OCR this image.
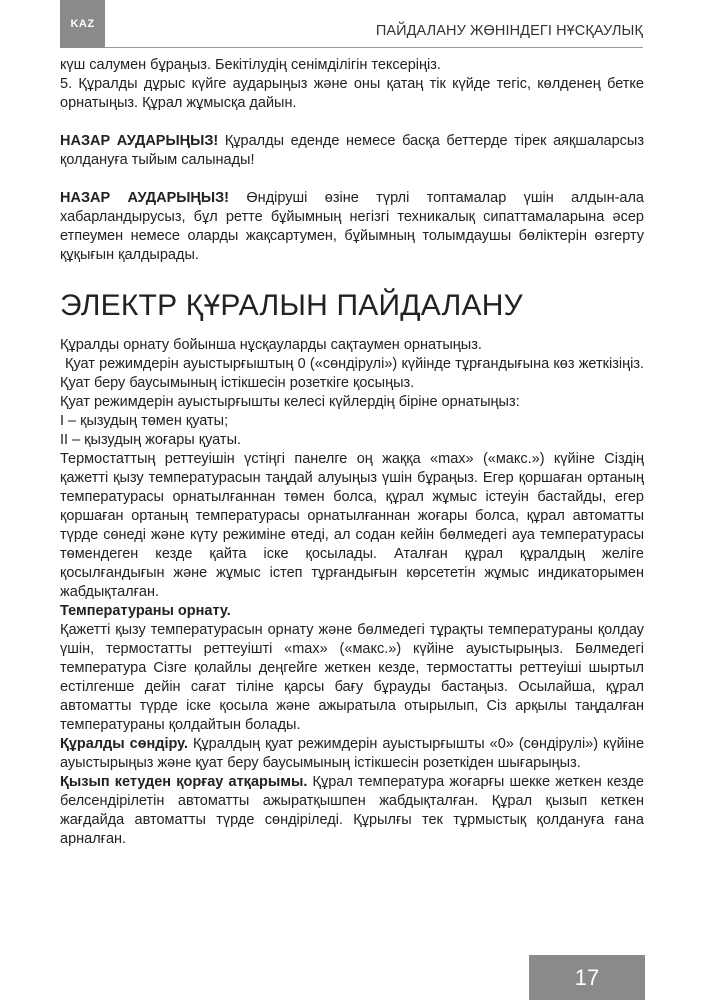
KAZ	ПАЙДАЛАНУ ЖӨНІНДЕГІ НҰСҚАУЛЫҚ

күш салумен бұраңыз. Бекітілудің сенімділігін тексеріңіз.

5. Құралды дұрыс күйге аударыңыз және оны қатаң тік күйде тегіс, көлденең бетке орнатыңыз. Құрал жұмысқа дайын.

НАЗАР АУДАРЫҢЫЗ! Құралды еденде немесе басқа беттерде тірек аяқшаларсыз қолдануға тыйым салынады!

НАЗАР АУДАРЫҢЫЗ! Өндіруші өзіне түрлі топтамалар үшін алдын-ала хабарландырусыз, бұл ретте бұйымның негізгі техникалық сипаттамаларына әсер етпеумен немесе оларды жақсартумен, бұйымның толымдаушы бөліктерін өзгерту құқығын қалдырады.

ЭЛЕКТР ҚҰРАЛЫН ПАЙДАЛАНУ

Құралды орнату бойынша нұсқауларды сақтаумен орнатыңыз.

Қуат режимдерін ауыстырғыштың 0 («сөндірулі») күйінде тұрғандығына көз жеткізіңіз. Қуат беру баусымының істікшесін розеткіге қосыңыз.

Қуат режимдерін ауыстырғышты келесі күйлердің біріне орнатыңыз:

I – қызудың төмен қуаты;

II – қызудың жоғары қуаты.

Термостаттың реттеуішін үстіңгі панелге оң жаққа «max» («макс.») күйіне Сіздің қажетті қызу температурасын таңдай алуыңыз үшін бұраңыз. Егер қоршаған ортаның температурасы орнатылғаннан төмен болса, құрал жұмыс істеуін бастайды, егер қоршаған ортаның температурасы орнатылғаннан жоғары болса, құрал автоматты түрде сөнеді және күту режиміне өтеді, ал содан кейін бөлмедегі ауа температурасы төмендеген кезде қайта іске қосылады. Аталған құрал құралдың желіге қосылғандығын және жұмыс істеп тұрғандығын көрсететін жұмыс индикаторымен жабдықталған.

Температураны орнату.

Қажетті қызу температурасын орнату және бөлмедегі тұрақты температураны қолдау үшін, термостатты реттеуішті «max» («макс.») күйіне ауыстырыңыз. Бөлмедегі температура Сізге қолайлы деңгейге жеткен кезде, термостатты реттеуіші шыртыл естілгенше дейін сағат тіліне қарсы бағу бұрауды бастаңыз. Осылайша, құрал автоматты түрде іске қосыла және ажыратыла отырылып, Сіз арқылы таңдалған температураны қолдайтын болады.

Құралды сөндіру. Құралдың қуат режимдерін ауыстырғышты «0» (сөндірулі») күйіне ауыстырыңыз және қуат беру баусымының істікшесін розеткіден шығарыңыз.

Қызып кетуден қорғау атқарымы. Құрал температура жоғарғы шекке жеткен кезде белсендірілетін автоматты ажыратқышпен жабдықталған. Құрал қызып кеткен жағдайда автоматты түрде сөндіріледі. Құрылғы тек тұрмыстық қолдануға ғана арналған.

17
